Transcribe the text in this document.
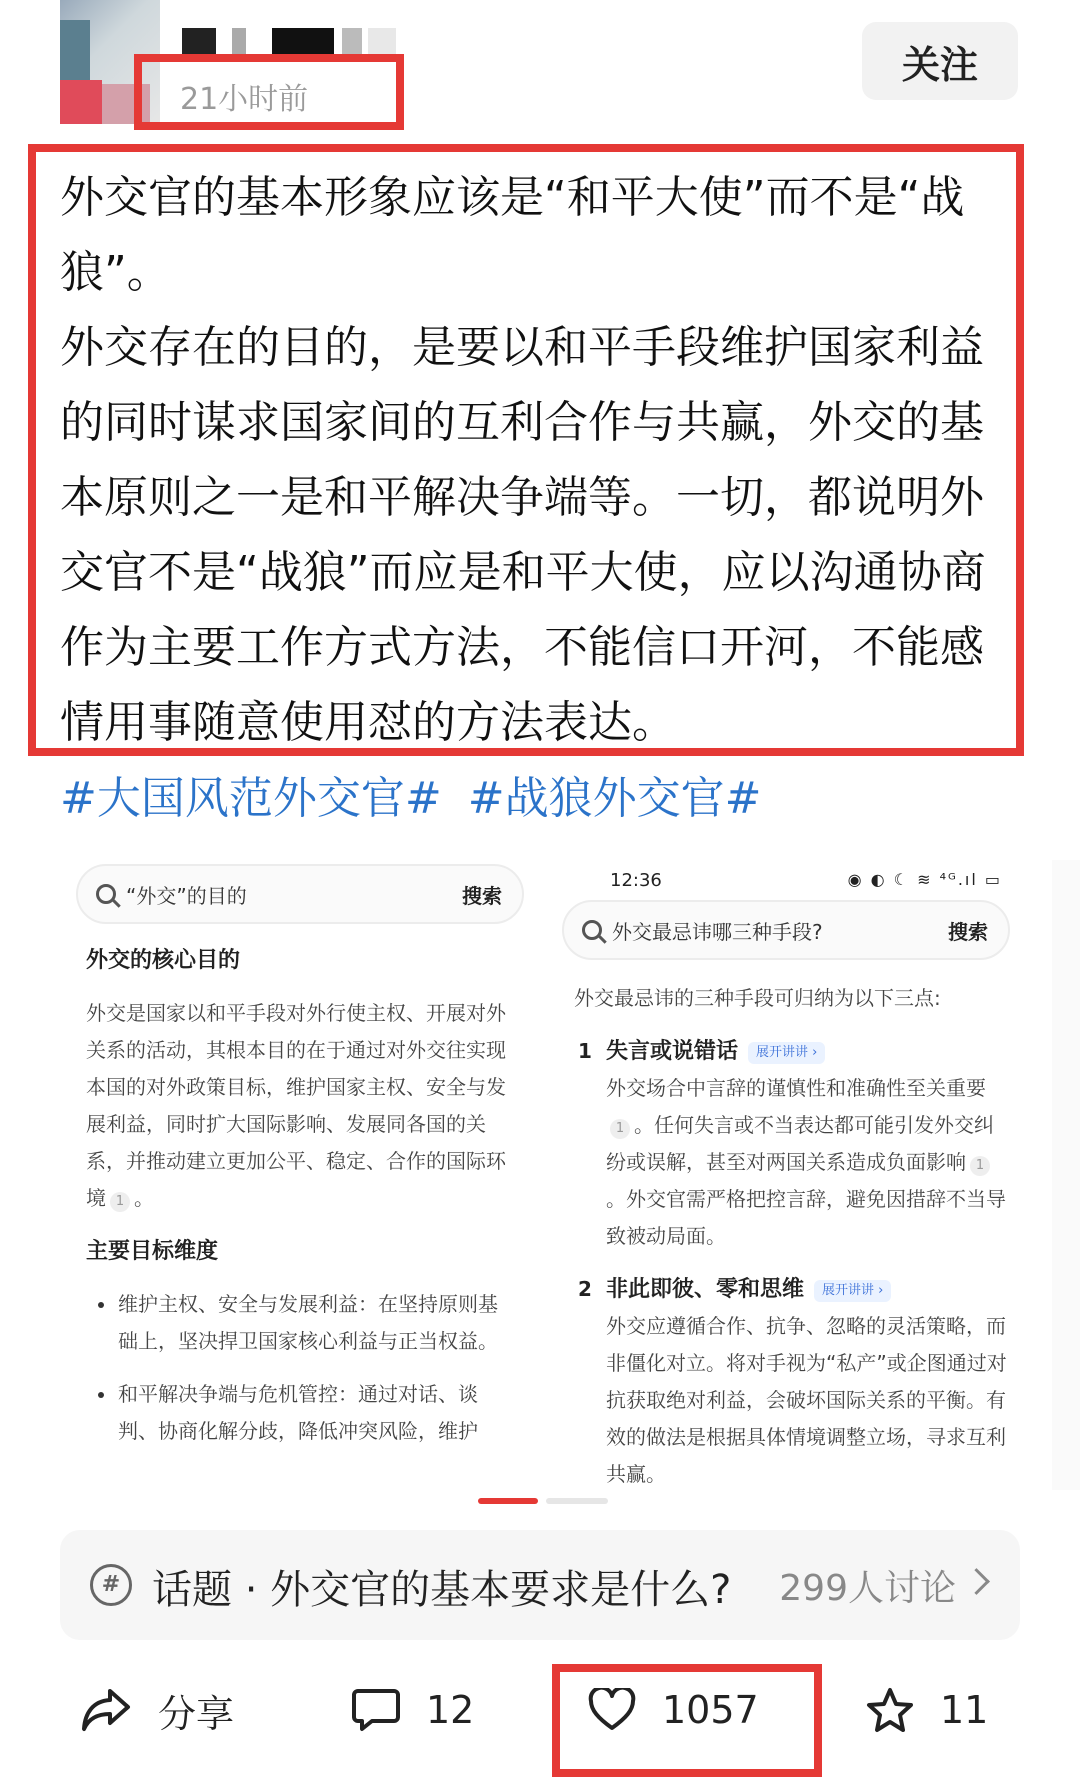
21小时前
关注

外交官的基本形象应该是“和平大使”而不是“战狼”。

外交存在的目的，是要以和平手段维护国家利益的同时谋求国家间的互利合作与共赢，外交的基本原则之一是和平解决争端等。一切，都说明外交官不是“战狼”而应是和平大使，应以沟通协商作为主要工作方式方法，不能信口开河，不能感情用事随意使用怼的方法表达。

#大国风范外交官# #战狼外交官#
“外交”的目的	搜索
外交的核心目的
外交是国家以和平手段对外行使主权、开展对外关系的活动，其根本目的在于通过对外交往实现本国的对外政策目标，维护国家主权、安全与发展利益，同时扩大国际影响、发展同各国的关系，并推动建立更加公平、稳定、合作的国际环境 1 。
主要目标维度
维护主权、安全与发展利益：在坚持原则基础上，坚决捍卫国家核心利益与正当权益。
和平解决争端与危机管控：通过对话、谈判、协商化解分歧，降低冲突风险，维护
12:36	◉ ◐ ☾ ≋ ⁴ᴳ.ıl ▭
外交最忌讳哪三种手段?	搜索
外交最忌讳的三种手段可归纳为以下三点:
1 失言或说错话 展开讲讲 ›
外交场合中言辞的谨慎性和准确性至关重要1 。任何失言或不当表达都可能引发外交纠纷或误解，甚至对两国关系造成负面影响 1。外交官需严格把控言辞，避免因措辞不当导致被动局面。
2 非此即彼、零和思维 展开讲讲 ›
外交应遵循合作、抗争、忽略的灵活策略，而非僵化对立。将对手视为“私产”或企图通过对抗获取绝对利益，会破坏国际关系的平衡。有效的做法是根据具体情境调整立场，寻求互利共赢。
# 话题 · 外交官的基本要求是什么? 299人讨论
分享	12	1057	11
